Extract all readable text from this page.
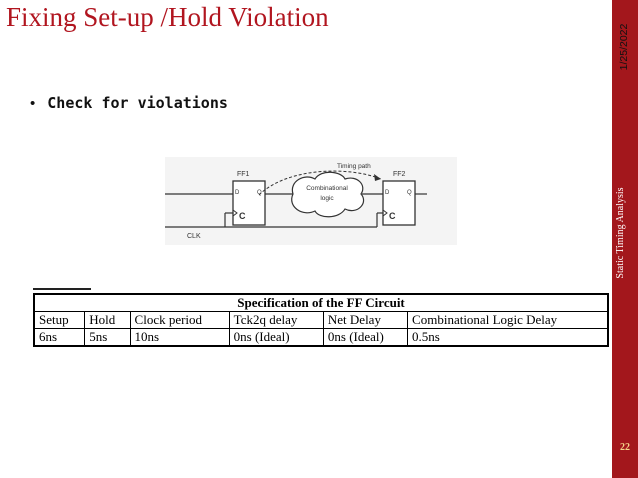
Fixing Set-up /Hold Violation
1/25/2022
Static Timing Analysis
22
• Check for violations
D	Q
C
FF1
Combinational
logic
D	Q
C
FF2
Timing path
CLK
Specification of the FF Circuit					
Setup	Hold	Clock period	Tck2q delay	Net Delay	Combinational Logic Delay
6ns	5ns	10ns	0ns (Ideal)	0ns (Ideal)	0.5ns
